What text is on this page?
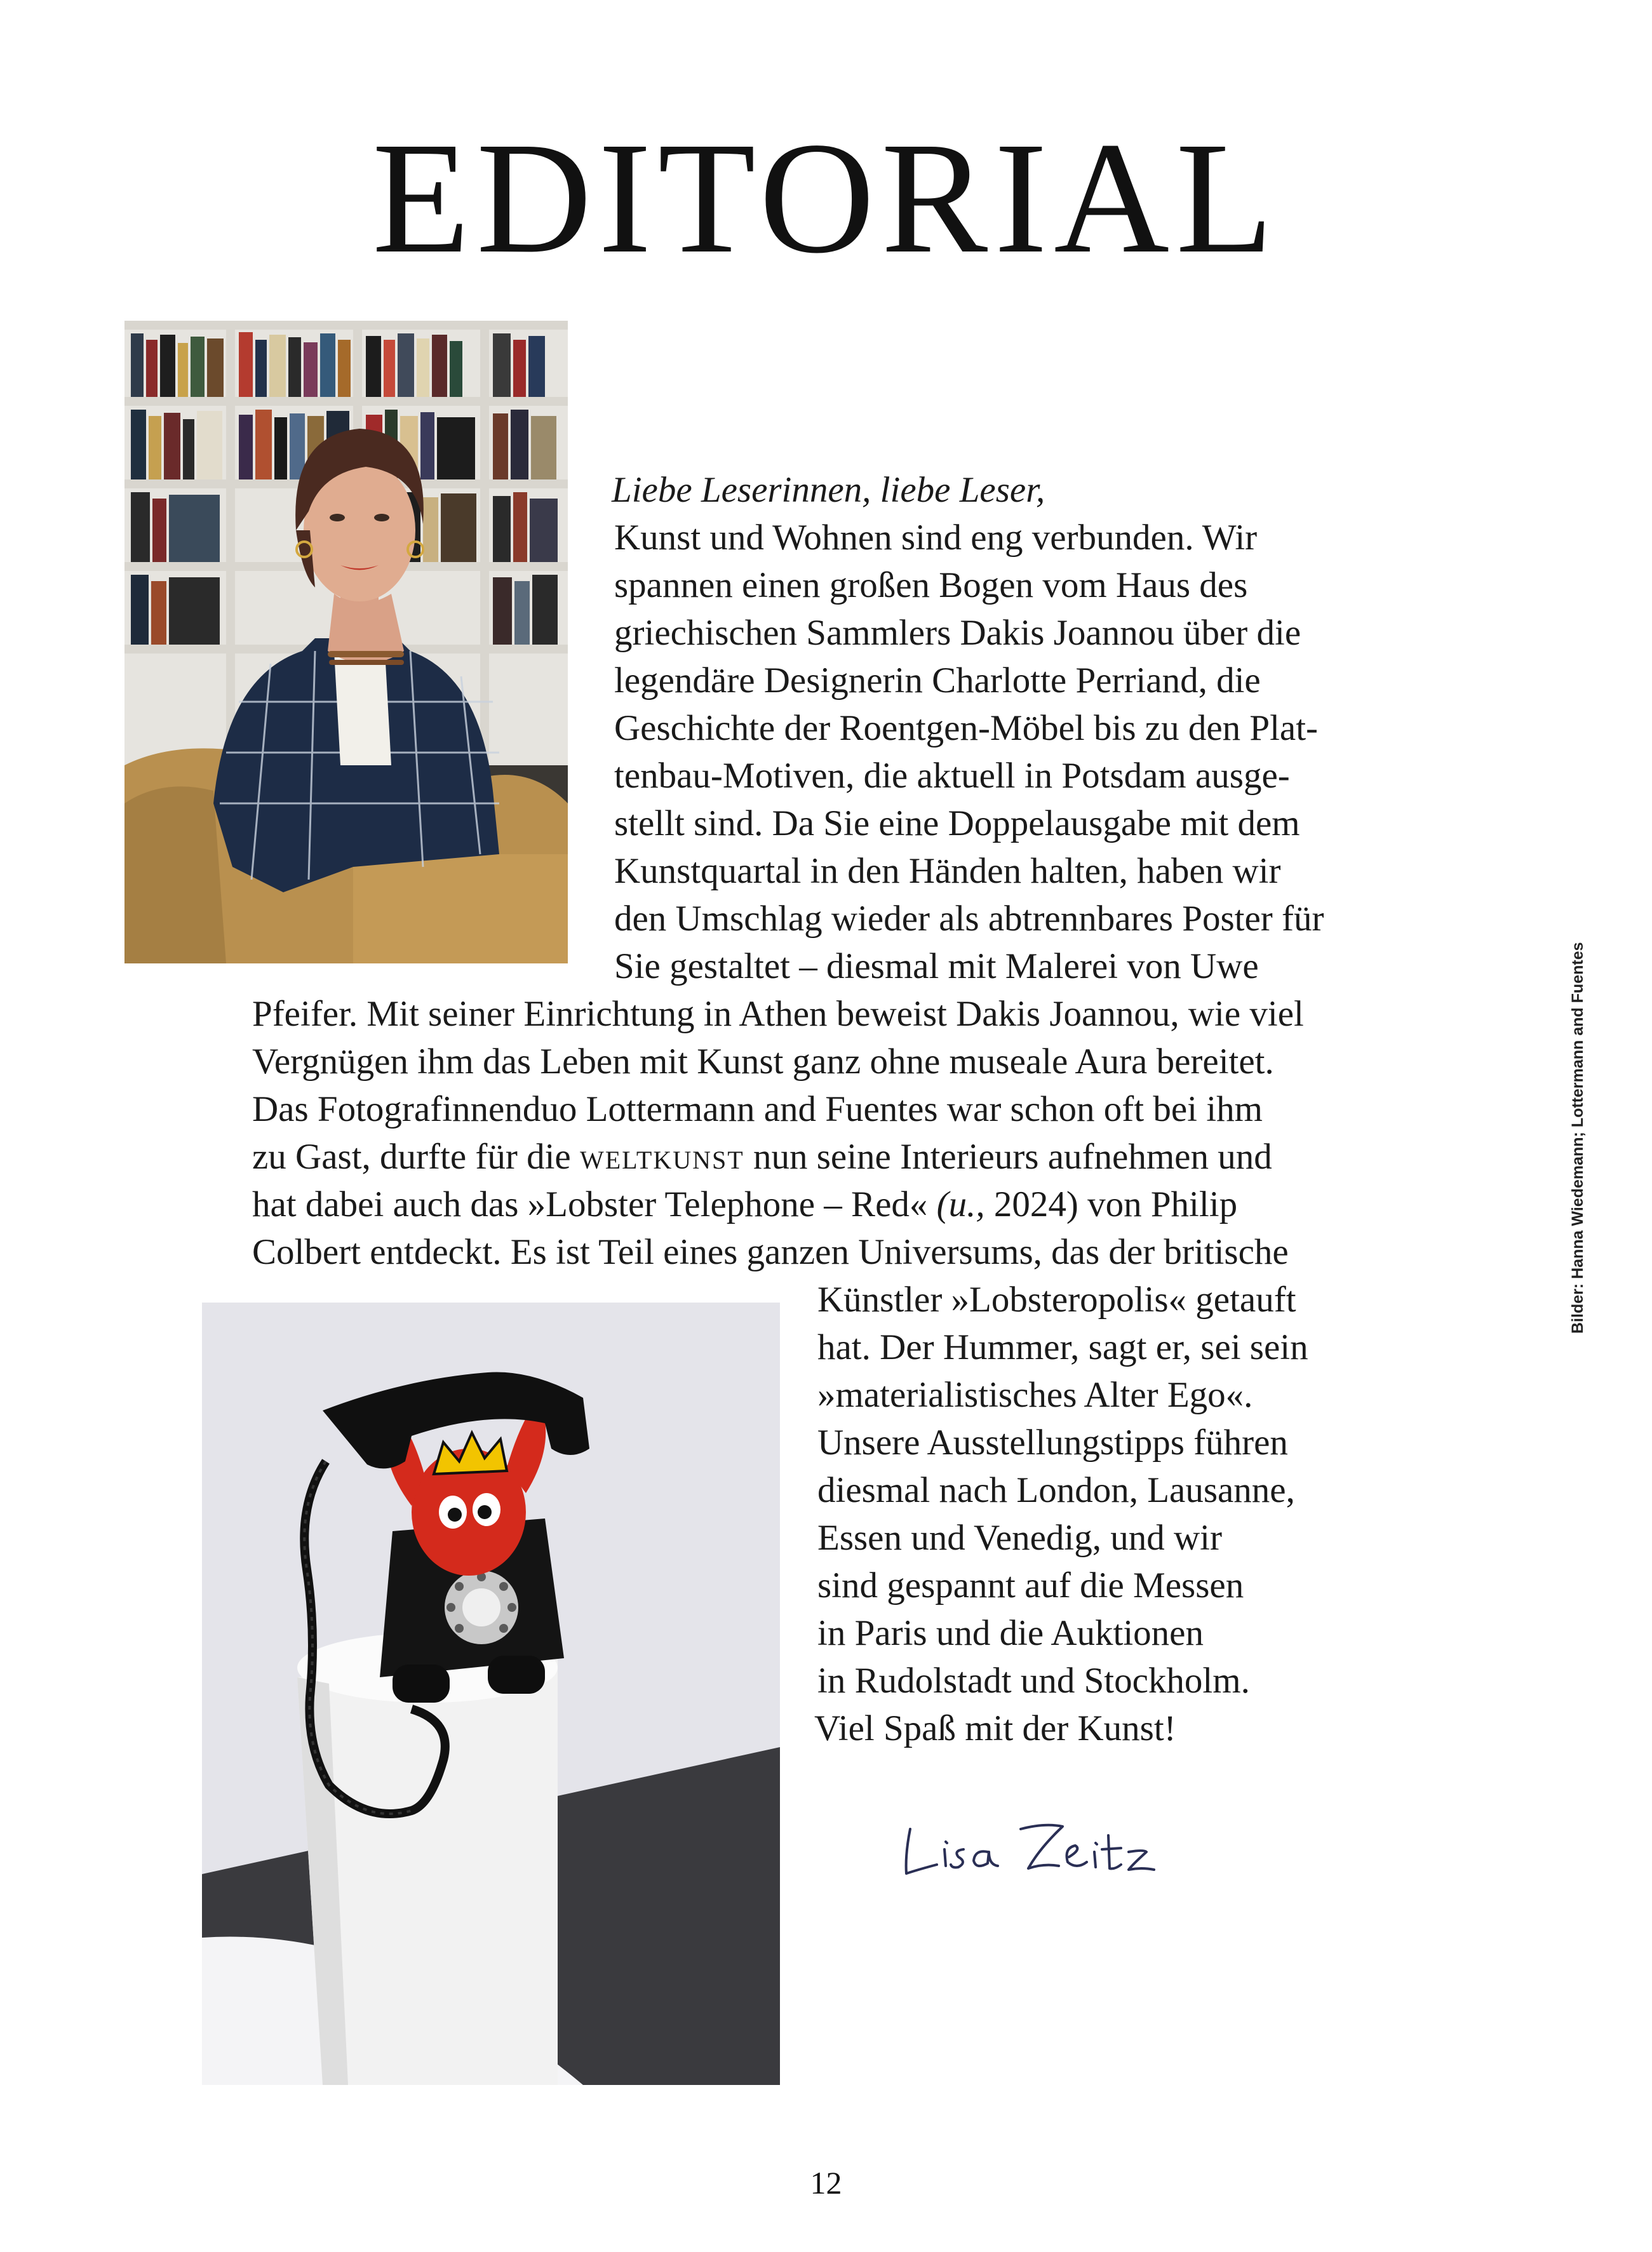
EDITORIAL
Liebe Leserinnen, liebe Leser,
Kunst und Wohnen sind eng verbunden. Wir
spannen einen großen Bogen vom Haus des
griechischen Sammlers Dakis Joannou über die
legendäre Designerin Charlotte Perriand, die
Geschichte der Roentgen-Möbel bis zu den Plat-
tenbau-Motiven, die aktuell in Potsdam ausge-
stellt sind. Da Sie eine Doppelausgabe mit dem
Kunstquartal in den Händen halten, haben wir
den Umschlag wieder als abtrennbares Poster für
Sie gestaltet – diesmal mit Malerei von Uwe
Pfeifer. Mit seiner Einrichtung in Athen beweist Dakis Joannou, wie viel
Vergnügen ihm das Leben mit Kunst ganz ohne museale Aura bereitet.
Das Fotografinnenduo Lottermann and Fuentes war schon oft bei ihm
zu Gast, durfte für die weltkunst nun seine Interieurs aufnehmen und
hat dabei auch das »Lobster Telephone – Red« (u., 2024) von Philip
Colbert entdeckt. Es ist Teil eines ganzen Universums, das der britische
Künstler »Lobsteropolis« getauft
hat. Der Hummer, sagt er, sei sein
»materialistisches Alter Ego«.
Unsere Ausstellungstipps führen
diesmal nach London, Lausanne,
Essen und Venedig, und wir
sind gespannt auf die Messen
in Paris und die Auktionen
in Rudolstadt und Stockholm.
Viel Spaß mit der Kunst!
Bilder: Hanna Wiedemann; Lottermann and Fuentes
12
